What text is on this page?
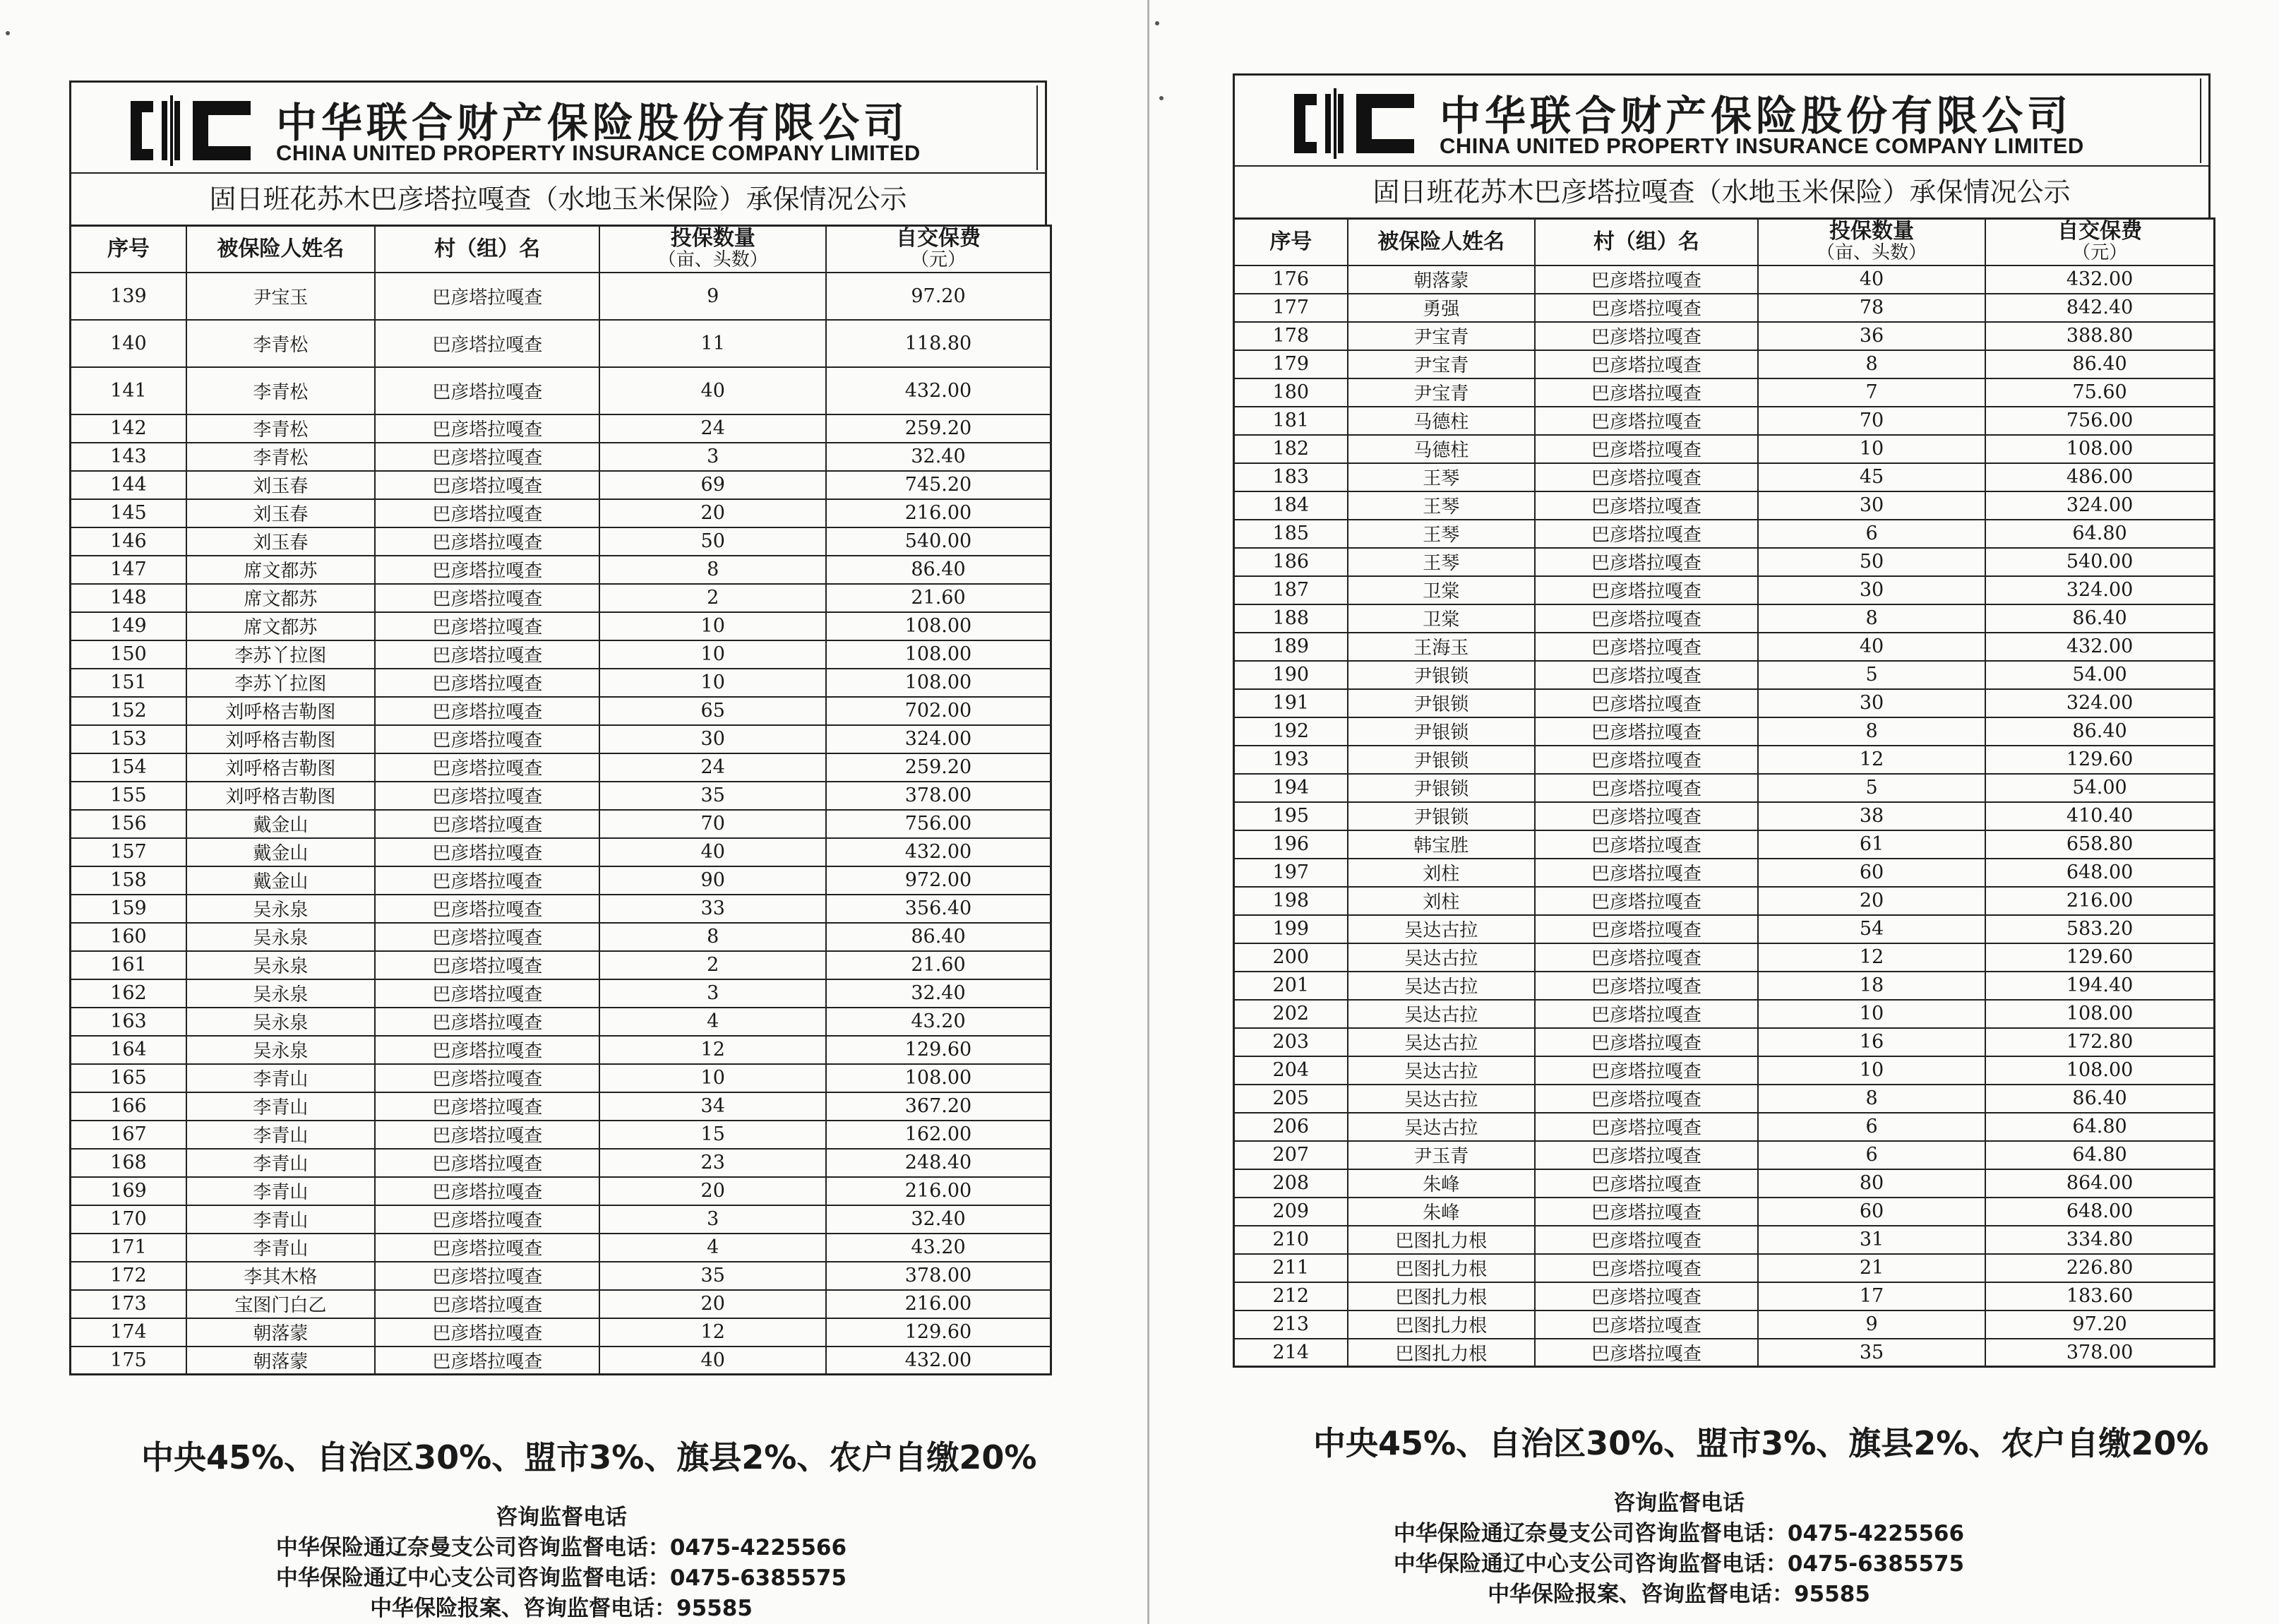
中华联合财产保险股份有限公司
CHINA UNITED PROPERTY INSURANCE COMPANY LIMITED
固日班花苏木巴彦塔拉嘎查（水地玉米保险）承保情况公示
序号	被保险人姓名	村（组）名	投保数量
（亩、头数）	自交保费
（元）

139	尹宝玉	巴彦塔拉嘎查	9	97.20
140	李青松	巴彦塔拉嘎查	11	118.80
141	李青松	巴彦塔拉嘎查	40	432.00
142	李青松	巴彦塔拉嘎查	24	259.20
143	李青松	巴彦塔拉嘎查	3	32.40
144	刘玉春	巴彦塔拉嘎查	69	745.20
145	刘玉春	巴彦塔拉嘎查	20	216.00
146	刘玉春	巴彦塔拉嘎查	50	540.00
147	席文都苏	巴彦塔拉嘎查	8	86.40
148	席文都苏	巴彦塔拉嘎查	2	21.60
149	席文都苏	巴彦塔拉嘎查	10	108.00
150	李苏丫拉图	巴彦塔拉嘎查	10	108.00
151	李苏丫拉图	巴彦塔拉嘎查	10	108.00
152	刘呼格吉勒图	巴彦塔拉嘎查	65	702.00
153	刘呼格吉勒图	巴彦塔拉嘎查	30	324.00
154	刘呼格吉勒图	巴彦塔拉嘎查	24	259.20
155	刘呼格吉勒图	巴彦塔拉嘎查	35	378.00
156	戴金山	巴彦塔拉嘎查	70	756.00
157	戴金山	巴彦塔拉嘎查	40	432.00
158	戴金山	巴彦塔拉嘎查	90	972.00
159	吴永泉	巴彦塔拉嘎查	33	356.40
160	吴永泉	巴彦塔拉嘎查	8	86.40
161	吴永泉	巴彦塔拉嘎查	2	21.60
162	吴永泉	巴彦塔拉嘎查	3	32.40
163	吴永泉	巴彦塔拉嘎查	4	43.20
164	吴永泉	巴彦塔拉嘎查	12	129.60
165	李青山	巴彦塔拉嘎查	10	108.00
166	李青山	巴彦塔拉嘎查	34	367.20
167	李青山	巴彦塔拉嘎查	15	162.00
168	李青山	巴彦塔拉嘎查	23	248.40
169	李青山	巴彦塔拉嘎查	20	216.00
170	李青山	巴彦塔拉嘎查	3	32.40
171	李青山	巴彦塔拉嘎查	4	43.20
172	李其木格	巴彦塔拉嘎查	35	378.00
173	宝图门白乙	巴彦塔拉嘎查	20	216.00
174	朝落蒙	巴彦塔拉嘎查	12	129.60
175	朝落蒙	巴彦塔拉嘎查	40	432.00
中央45%、自治区30%、盟市3%、旗县2%、农户自缴20%
咨询监督电话
中华保险通辽奈曼支公司咨询监督电话：0475-4225566
中华保险通辽中心支公司咨询监督电话：0475-6385575
中华保险报案、咨询监督电话：95585
中华联合财产保险股份有限公司
CHINA UNITED PROPERTY INSURANCE COMPANY LIMITED
固日班花苏木巴彦塔拉嘎查（水地玉米保险）承保情况公示
序号	被保险人姓名	村（组）名	投保数量
（亩、头数）	自交保费
（元）

176	朝落蒙	巴彦塔拉嘎查	40	432.00
177	勇强	巴彦塔拉嘎查	78	842.40
178	尹宝青	巴彦塔拉嘎查	36	388.80
179	尹宝青	巴彦塔拉嘎查	8	86.40
180	尹宝青	巴彦塔拉嘎查	7	75.60
181	马德柱	巴彦塔拉嘎查	70	756.00
182	马德柱	巴彦塔拉嘎查	10	108.00
183	王琴	巴彦塔拉嘎查	45	486.00
184	王琴	巴彦塔拉嘎查	30	324.00
185	王琴	巴彦塔拉嘎查	6	64.80
186	王琴	巴彦塔拉嘎查	50	540.00
187	卫棠	巴彦塔拉嘎查	30	324.00
188	卫棠	巴彦塔拉嘎查	8	86.40
189	王海玉	巴彦塔拉嘎查	40	432.00
190	尹银锁	巴彦塔拉嘎查	5	54.00
191	尹银锁	巴彦塔拉嘎查	30	324.00
192	尹银锁	巴彦塔拉嘎查	8	86.40
193	尹银锁	巴彦塔拉嘎查	12	129.60
194	尹银锁	巴彦塔拉嘎查	5	54.00
195	尹银锁	巴彦塔拉嘎查	38	410.40
196	韩宝胜	巴彦塔拉嘎查	61	658.80
197	刘柱	巴彦塔拉嘎查	60	648.00
198	刘柱	巴彦塔拉嘎查	20	216.00
199	吴达古拉	巴彦塔拉嘎查	54	583.20
200	吴达古拉	巴彦塔拉嘎查	12	129.60
201	吴达古拉	巴彦塔拉嘎查	18	194.40
202	吴达古拉	巴彦塔拉嘎查	10	108.00
203	吴达古拉	巴彦塔拉嘎查	16	172.80
204	吴达古拉	巴彦塔拉嘎查	10	108.00
205	吴达古拉	巴彦塔拉嘎查	8	86.40
206	吴达古拉	巴彦塔拉嘎查	6	64.80
207	尹玉青	巴彦塔拉嘎查	6	64.80
208	朱峰	巴彦塔拉嘎查	80	864.00
209	朱峰	巴彦塔拉嘎查	60	648.00
210	巴图扎力根	巴彦塔拉嘎查	31	334.80
211	巴图扎力根	巴彦塔拉嘎查	21	226.80
212	巴图扎力根	巴彦塔拉嘎查	17	183.60
213	巴图扎力根	巴彦塔拉嘎查	9	97.20
214	巴图扎力根	巴彦塔拉嘎查	35	378.00
中央45%、自治区30%、盟市3%、旗县2%、农户自缴20%
咨询监督电话
中华保险通辽奈曼支公司咨询监督电话：0475-4225566
中华保险通辽中心支公司咨询监督电话：0475-6385575
中华保险报案、咨询监督电话：95585
